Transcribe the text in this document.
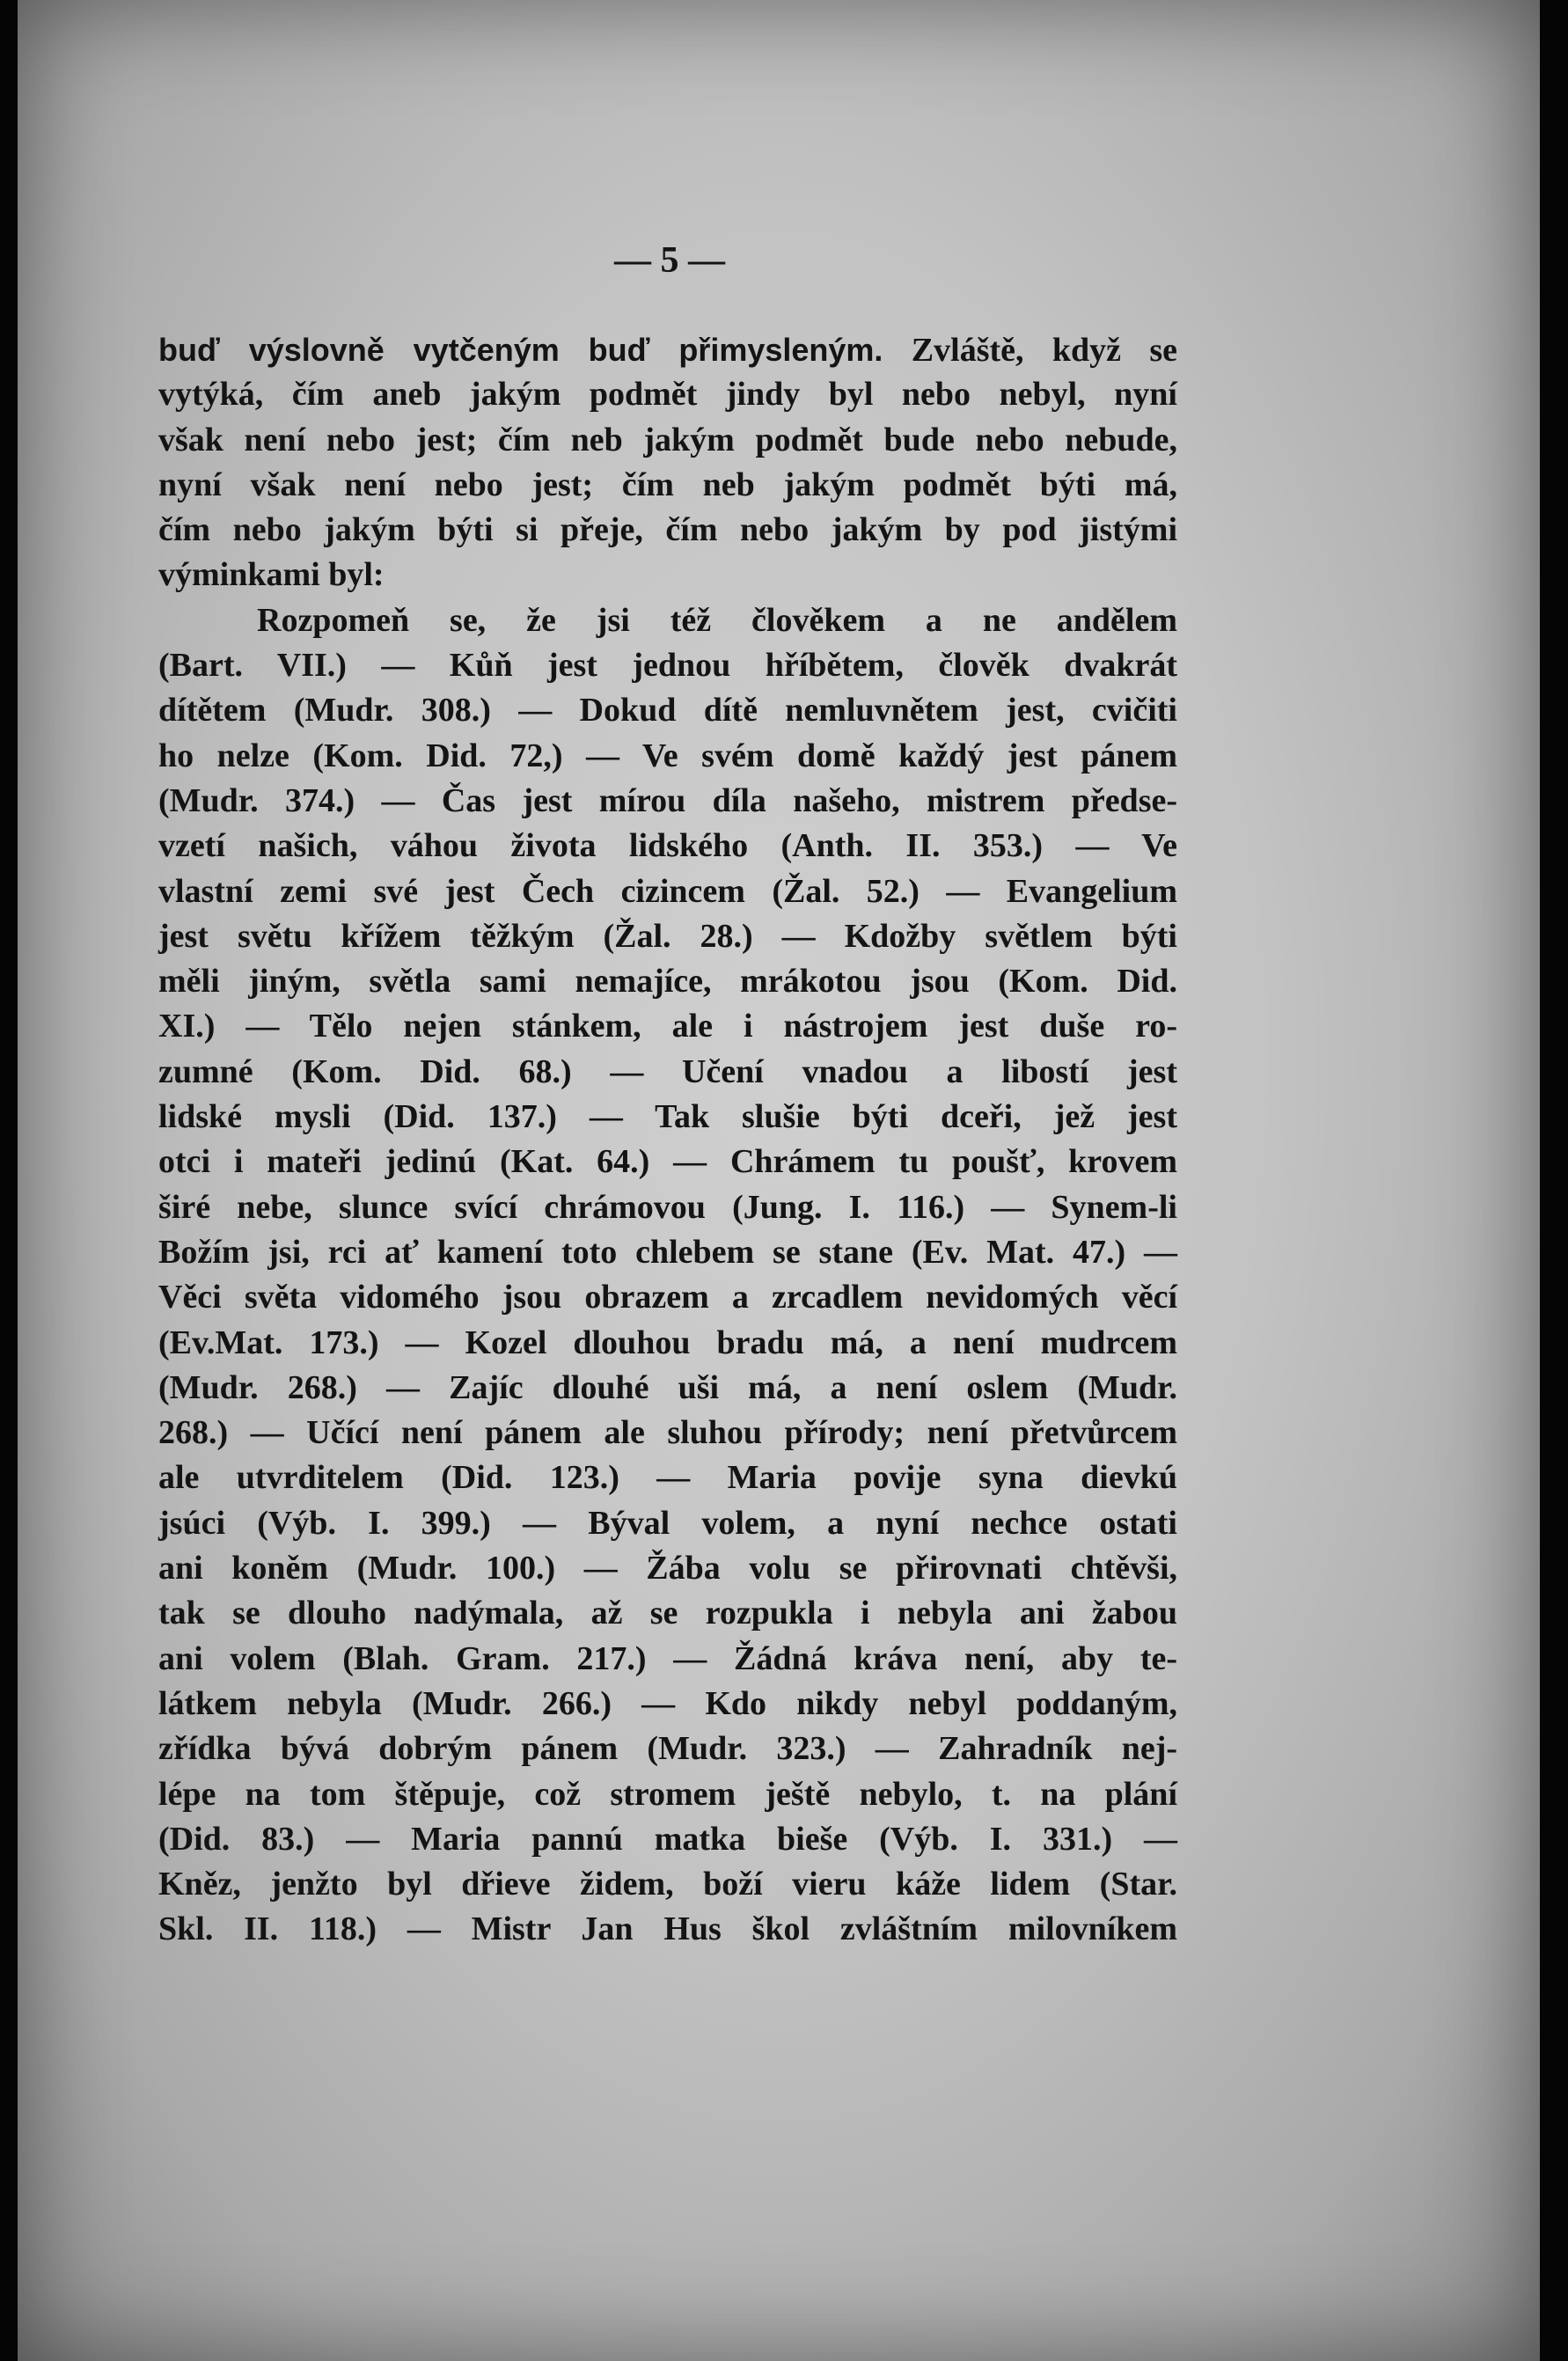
— 5 —
buď výslovně vytčeným buď přimysleným. Zvláště, když se
vytýká, čím aneb jakým podmět jindy byl nebo nebyl, nyní
však není nebo jest; čím neb jakým podmět bude nebo nebude,
nyní však není nebo jest; čím neb jakým podmět býti má,
čím nebo jakým býti si přeje, čím nebo jakým by pod jistými
výminkami byl:
Rozpomeň se, že jsi též člověkem a ne andělem
(Bart. VII.) — Kůň jest jednou hříbětem, člověk dvakrát
dítětem (Mudr. 308.) — Dokud dítě nemluvnětem jest, cvičiti
ho nelze (Kom. Did. 72,) — Ve svém domě každý jest pánem
(Mudr. 374.) — Čas jest mírou díla našeho, mistrem předse-
vzetí našich, váhou života lidského (Anth. II. 353.) — Ve
vlastní zemi své jest Čech cizincem (Žal. 52.) — Evangelium
jest světu křížem těžkým (Žal. 28.) — Kdožby světlem býti
měli jiným, světla sami nemajíce, mrákotou jsou (Kom. Did.
XI.) — Tělo nejen stánkem, ale i nástrojem jest duše ro-
zumné (Kom. Did. 68.) — Učení vnadou a libostí jest
lidské mysli (Did. 137.) — Tak slušie býti dceři, jež jest
otci i mateři jedinú (Kat. 64.) — Chrámem tu poušť, krovem
širé nebe, slunce svící chrámovou (Jung. I. 116.) — Synem-li
Božím jsi, rci ať kamení toto chlebem se stane (Ev. Mat. 47.) —
Věci světa vidomého jsou obrazem a zrcadlem nevidomých věcí
(Ev.Mat. 173.) — Kozel dlouhou bradu má, a není mudrcem
(Mudr. 268.) — Zajíc dlouhé uši má, a není oslem (Mudr.
268.) — Učící není pánem ale sluhou přírody; není přetvůrcem
ale utvrditelem (Did. 123.) — Maria povije syna dievkú
jsúci (Výb. I. 399.) — Býval volem, a nyní nechce ostati
ani koněm (Mudr. 100.) — Žába volu se přirovnati chtěvši,
tak se dlouho nadýmala, až se rozpukla i nebyla ani žabou
ani volem (Blah. Gram. 217.) — Žádná kráva není, aby te-
látkem nebyla (Mudr. 266.) — Kdo nikdy nebyl poddaným,
zřídka bývá dobrým pánem (Mudr. 323.) — Zahradník nej-
lépe na tom štěpuje, což stromem ještě nebylo, t. na plání
(Did. 83.) — Maria pannú matka bieše (Výb. I. 331.) —
Kněz, jenžto byl dřieve židem, boží vieru káže lidem (Star.
Skl. II. 118.) — Mistr Jan Hus škol zvláštním milovníkem
